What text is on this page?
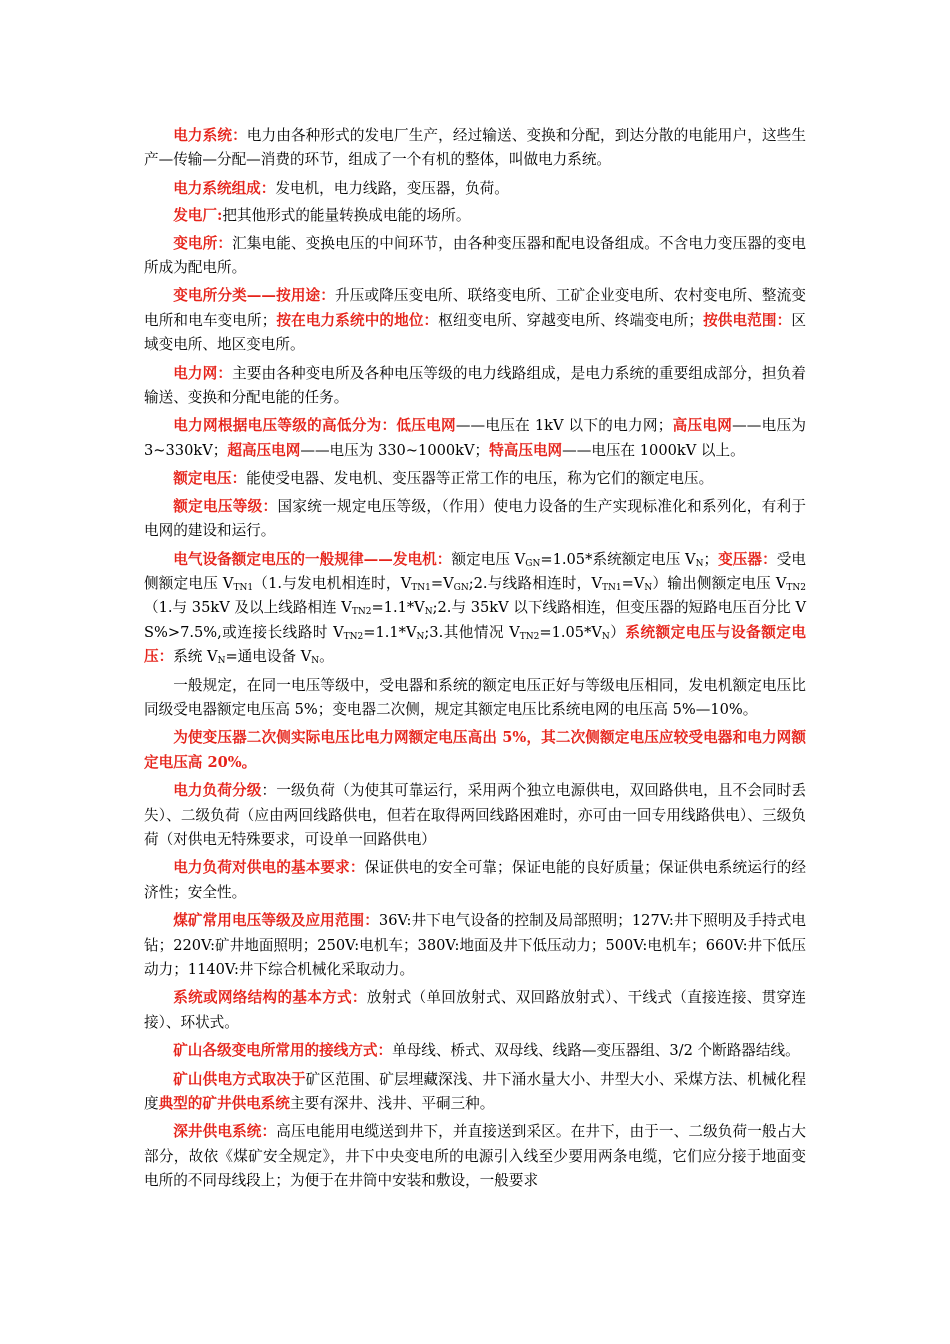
电力系统：电力由各种形式的发电厂生产，经过输送、变换和分配，到达分散的电能用户，这些生产—传输—分配—消费的环节，组成了一个有机的整体，叫做电力系统。

电力系统组成：发电机，电力线路，变压器，负荷。

发电厂:把其他形式的能量转换成电能的场所。

变电所：汇集电能、变换电压的中间环节，由各种变压器和配电设备组成。不含电力变压器的变电所成为配电所。

变电所分类——按用途：升压或降压变电所、联络变电所、工矿企业变电所、农村变电所、整流变电所和电车变电所；按在电力系统中的地位：枢纽变电所、穿越变电所、终端变电所；按供电范围：区域变电所、地区变电所。

电力网：主要由各种变电所及各种电压等级的电力线路组成，是电力系统的重要组成部分，担负着输送、变换和分配电能的任务。

电力网根据电压等级的高低分为：低压电网——电压在 1kV 以下的电力网；高压电网——电压为 3~330kV；超高压电网——电压为 330~1000kV；特高压电网——电压在 1000kV 以上。

额定电压：能使受电器、发电机、变压器等正常工作的电压，称为它们的额定电压。

额定电压等级：国家统一规定电压等级，（作用）使电力设备的生产实现标准化和系列化，有利于电网的建设和运行。

电气设备额定电压的一般规律——发电机：额定电压 $V_{GN}=1.05*$系统额定电压 $V_N$；变压器：受电侧额定电压 $V_{TN1}(1$.与发电机相连时，$V_{TN1}=V_{GN};2$.与线路相连时，$V_{TN1}=V_N$）输出侧额定电压 $V_{TN2}(1$.与 35kV 及以上线路相连 $V_{TN2}=1.1*V_N;2$.与 35kV 以下线路相连，但变压器的短路电压百分比 VS%>7.5%,或连接长线路时 $V_{TN2}=1.1*V_N;3$.其他情况 $V_{TN2}=1.05*V_N$）系统额定电压与设备额定电压：系统 $V_N=$通电设备 $V_N$。

一般规定，在同一电压等级中，受电器和系统的额定电压正好与等级电压相同，发电机额定电压比同级受电器额定电压高 5%；变电器二次侧，规定其额定电压比系统电网的电压高 5%—10%。

为使变压器二次侧实际电压比电力网额定电压高出 5%，其二次侧额定电压应较受电器和电力网额定电压高 20%。

电力负荷分级：一级负荷（为使其可靠运行，采用两个独立电源供电，双回路供电，且不会同时丢失）、二级负荷（应由两回线路供电，但若在取得两回线路困难时，亦可由一回专用线路供电）、三级负荷（对供电无特殊要求，可设单一回路供电）

电力负荷对供电的基本要求：保证供电的安全可靠；保证电能的良好质量；保证供电系统运行的经济性；安全性。

煤矿常用电压等级及应用范围：36V:井下电气设备的控制及局部照明；127V:井下照明及手持式电钻；220V:矿井地面照明；250V:电机车；380V:地面及井下低压动力；500V:电机车；660V:井下低压动力；1140V:井下综合机械化采取动力。

系统或网络结构的基本方式：放射式（单回放射式、双回路放射式）、干线式（直接连接、贯穿连接）、环状式。

矿山各级变电所常用的接线方式：单母线、桥式、双母线、线路—变压器组、3/2 个断路器结线。

矿山供电方式取决于矿区范围、矿层埋藏深浅、井下涌水量大小、井型大小、采煤方法、机械化程度典型的矿井供电系统主要有深井、浅井、平硐三种。

深井供电系统：高压电能用电缆送到井下，并直接送到采区。在井下，由于一、二级负荷一般占大部分，故依《煤矿安全规定》，井下中央变电所的电源引入线至少要用两条电缆，它们应分接于地面变电所的不同母线段上；为便于在井筒中安装和敷设，一般要求
